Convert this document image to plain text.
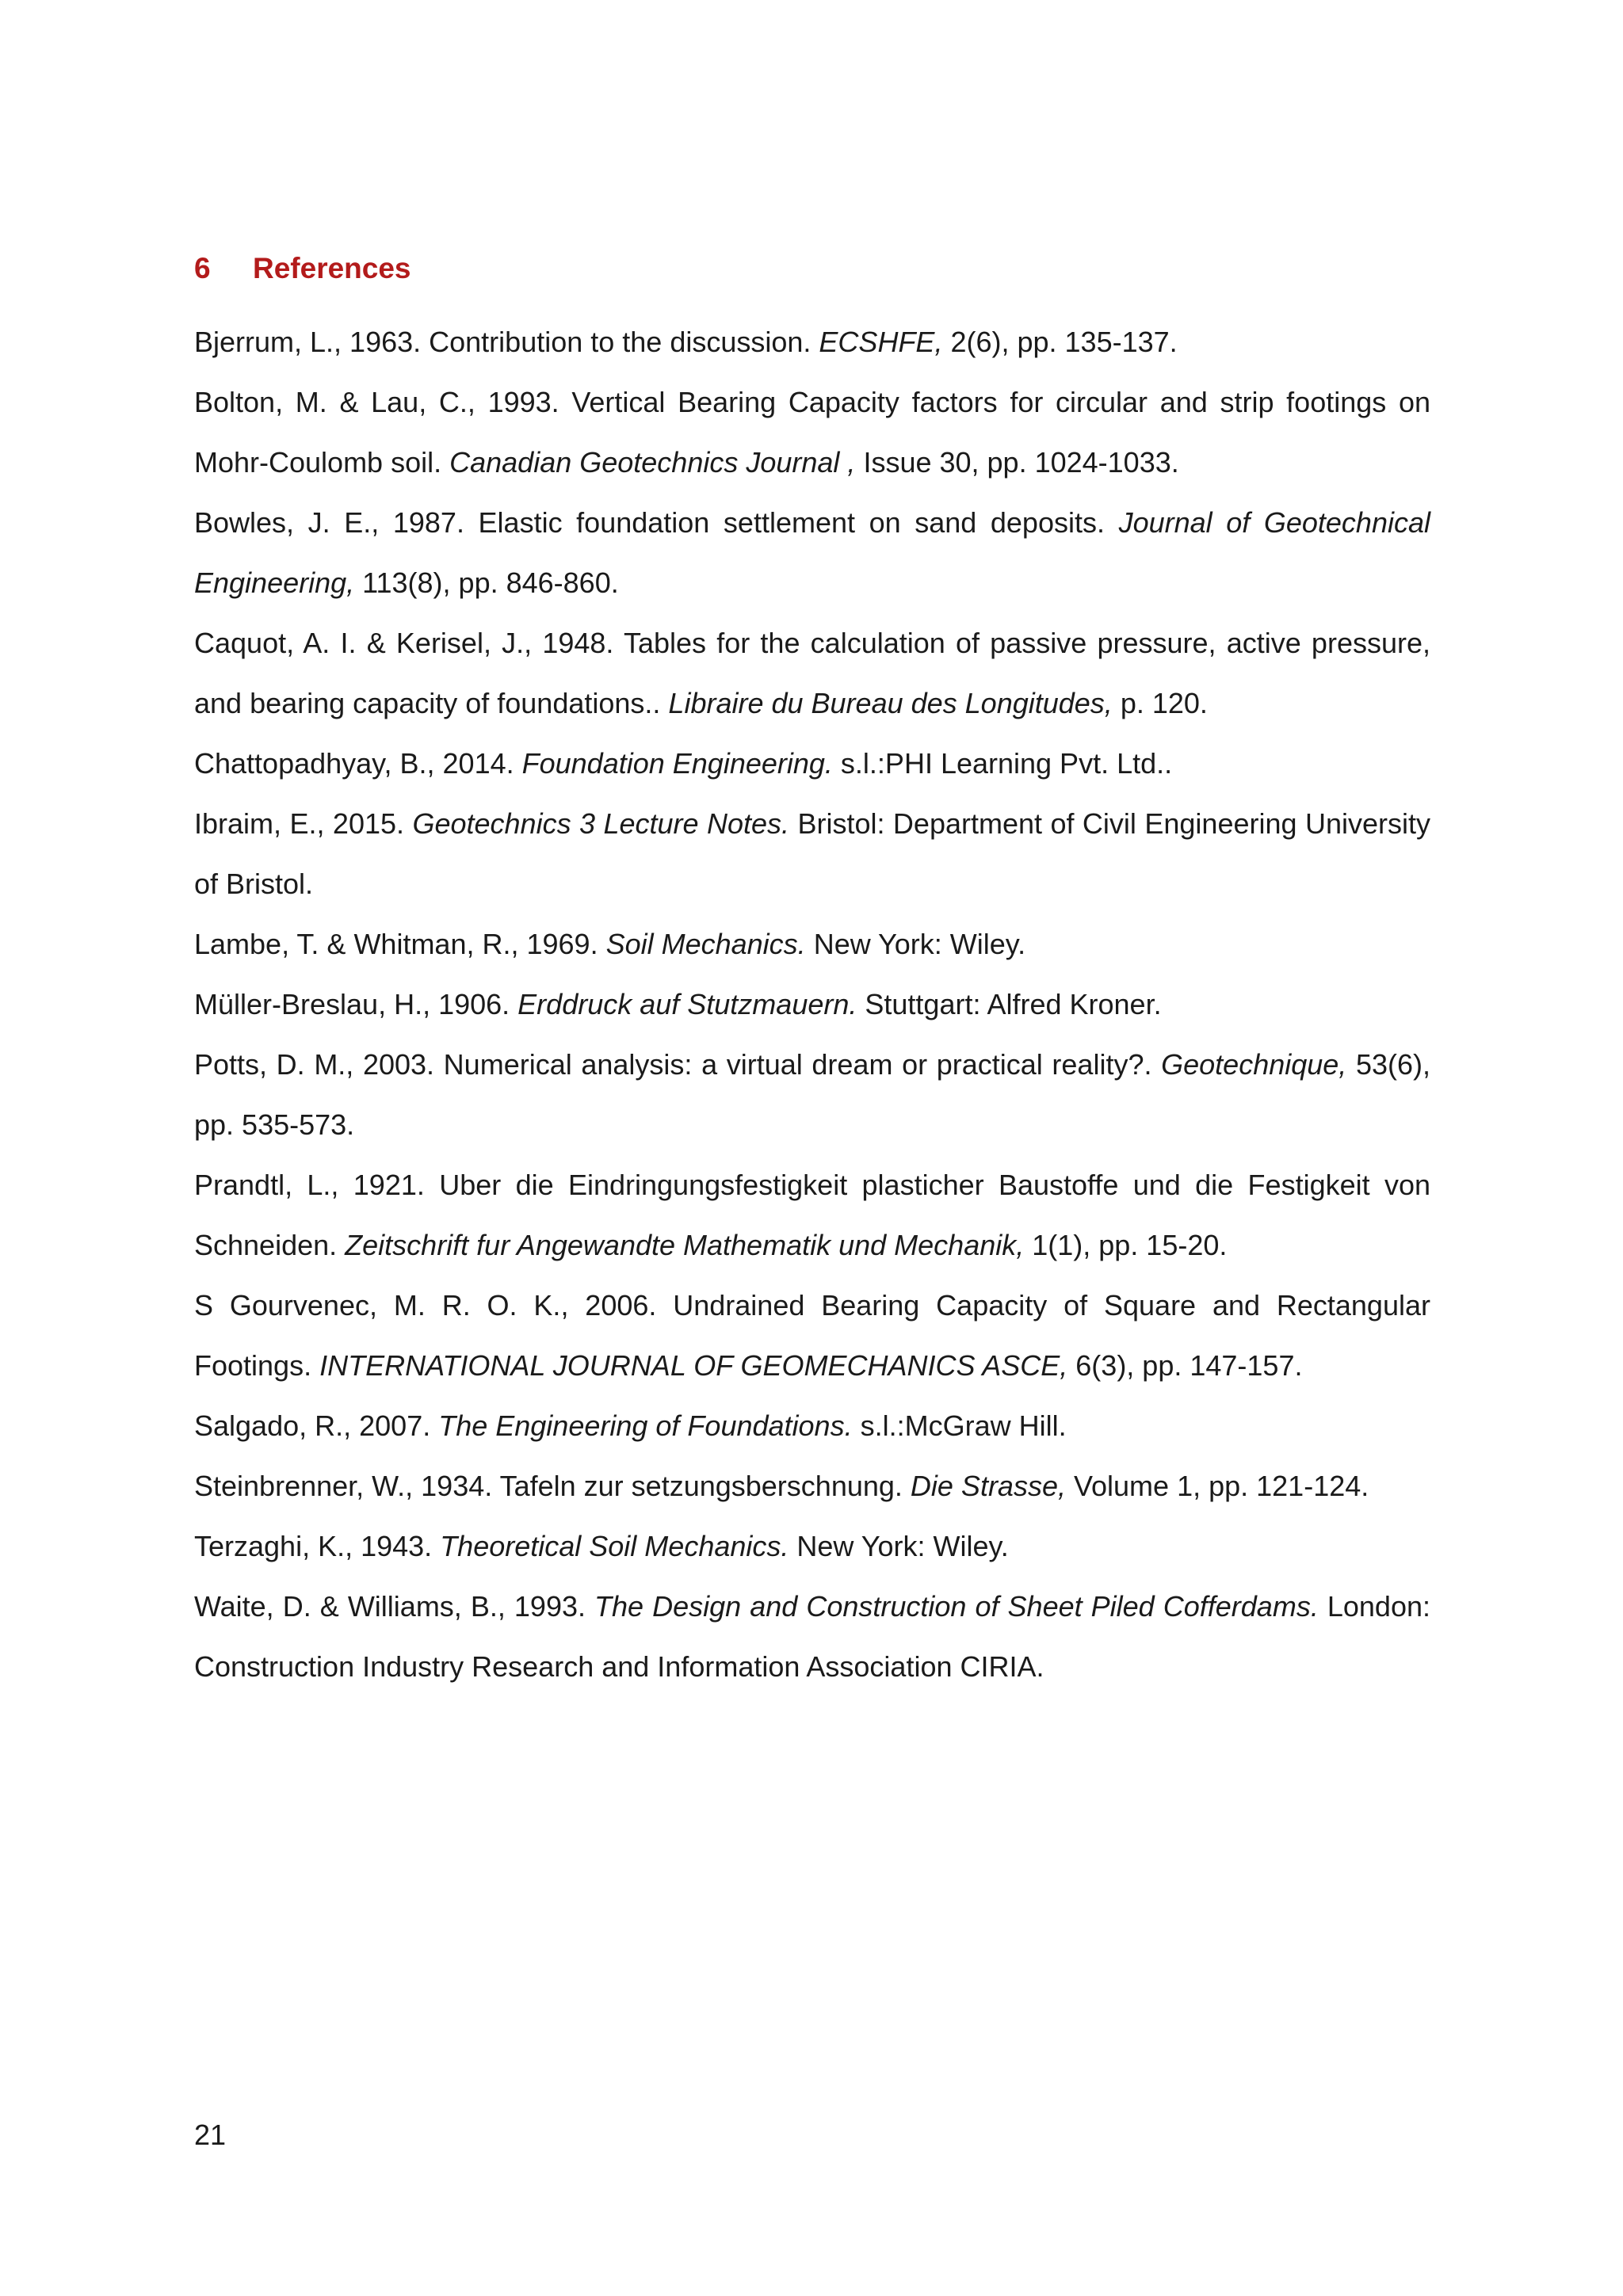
6	References
Bjerrum, L., 1963. Contribution to the discussion. ECSHFE, 2(6), pp. 135-137.
Bolton, M. & Lau, C., 1993. Vertical Bearing Capacity factors for circular and strip footings on Mohr-Coulomb soil. Canadian Geotechnics Journal , Issue 30, pp. 1024-1033.
Bowles, J. E., 1987. Elastic foundation settlement on sand deposits. Journal of Geotechnical Engineering, 113(8), pp. 846-860.
Caquot, A. I. & Kerisel, J., 1948. Tables for the calculation of passive pressure, active pressure, and bearing capacity of foundations.. Libraire du Bureau des Longitudes, p. 120.
Chattopadhyay, B., 2014. Foundation Engineering. s.l.:PHI Learning Pvt. Ltd..
Ibraim, E., 2015. Geotechnics 3 Lecture Notes. Bristol: Department of Civil Engineering University of Bristol.
Lambe, T. & Whitman, R., 1969. Soil Mechanics. New York: Wiley.
Müller-Breslau, H., 1906. Erddruck auf Stutzmauern. Stuttgart: Alfred Kroner.
Potts, D. M., 2003. Numerical analysis: a virtual dream or practical reality?. Geotechnique, 53(6), pp. 535-573.
Prandtl, L., 1921. Uber die Eindringungsfestigkeit plasticher Baustoffe und die Festigkeit von Schneiden. Zeitschrift fur Angewandte Mathematik und Mechanik, 1(1), pp. 15-20.
S Gourvenec, M. R. O. K., 2006. Undrained Bearing Capacity of Square and Rectangular Footings. INTERNATIONAL JOURNAL OF GEOMECHANICS ASCE, 6(3), pp. 147-157.
Salgado, R., 2007. The Engineering of Foundations. s.l.:McGraw Hill.
Steinbrenner, W., 1934. Tafeln zur setzungsberschnung. Die Strasse, Volume 1, pp. 121-124.
Terzaghi, K., 1943. Theoretical Soil Mechanics. New York: Wiley.
Waite, D. & Williams, B., 1993. The Design and Construction of Sheet Piled Cofferdams. London: Construction Industry Research and Information Association CIRIA.
21
